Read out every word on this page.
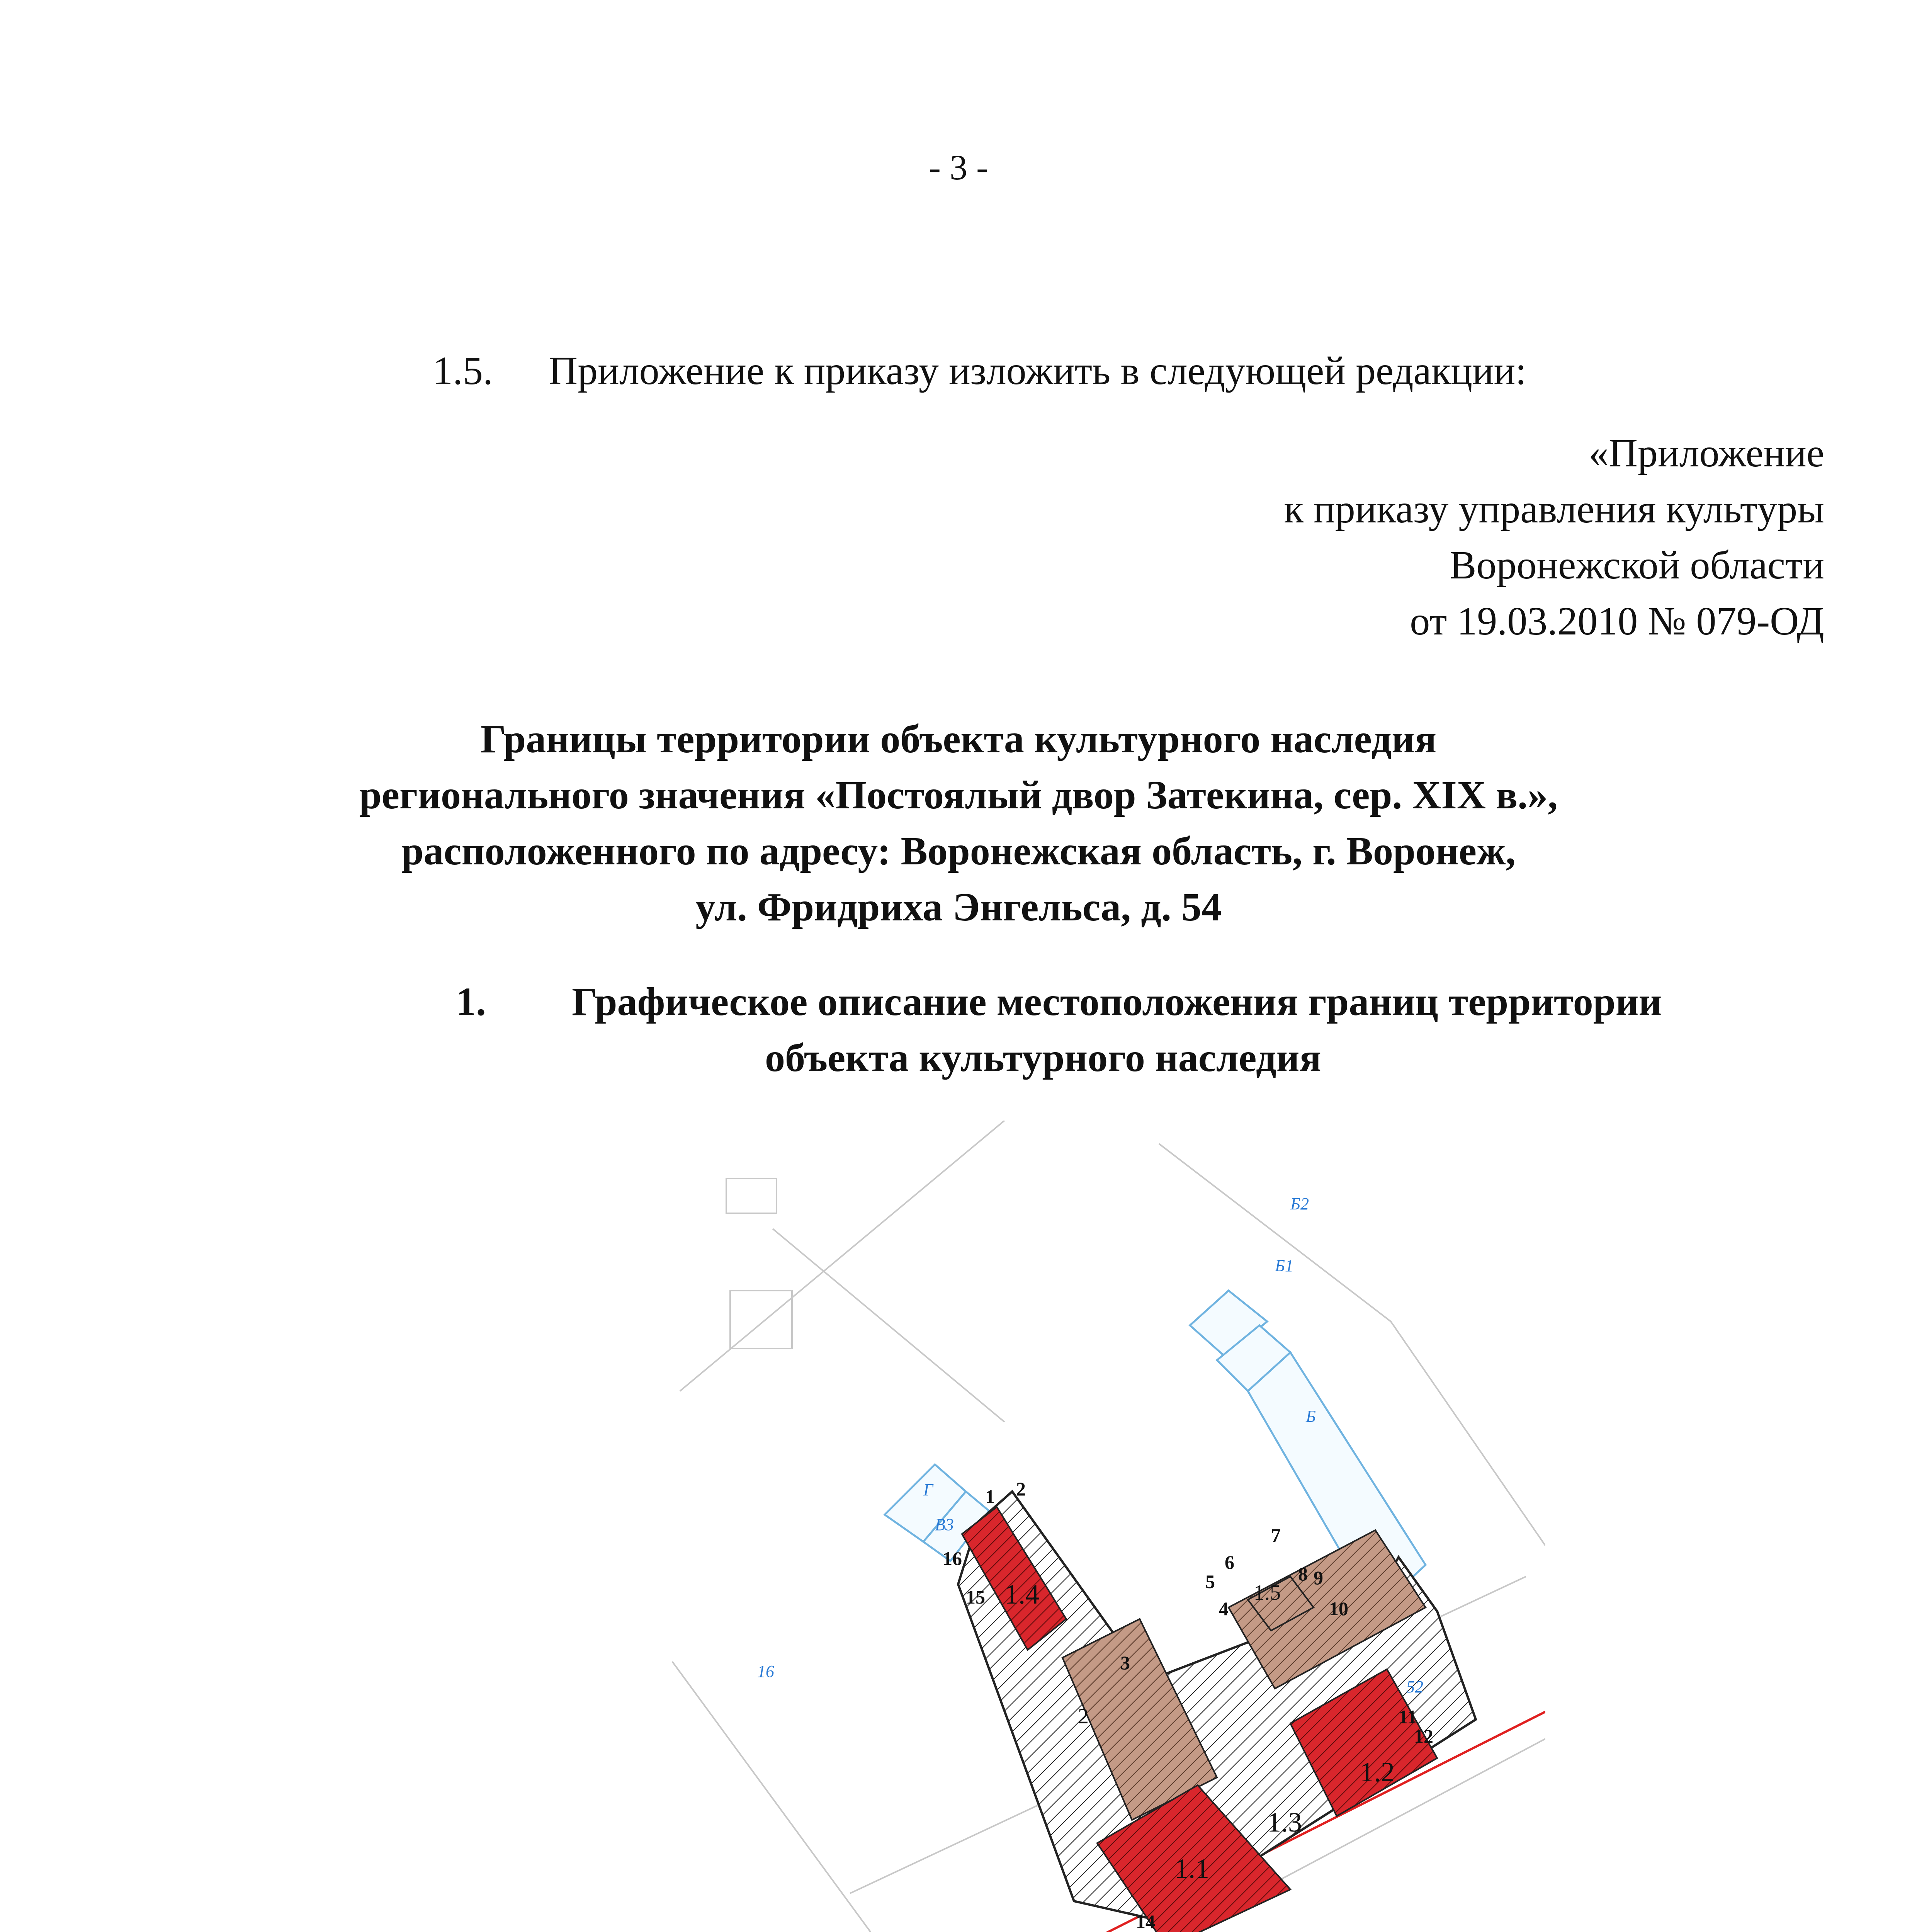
- 3 -
1.5. Приложение к приказу изложить в следующей редакции:
«Приложение
к приказу управления культуры
Воронежской области
от 19.03.2010 № 079-ОД
Границы территории объекта культурного наследия
регионального значения «Постоялый двор Затекина, сер. XIX в.»,
расположенного по адресу: Воронежская область, г. Воронеж,
ул. Фридриха Энгельса, д. 54
1. Графическое описание местоположения границ территории
объекта культурного наследия
1.4
1.1
1.2
1.3
1.5
2
Б2
Б1
Б
Г
В3
52
16
1 2
3
4
5
6
7
8 9
10
11
12
14
15
16
